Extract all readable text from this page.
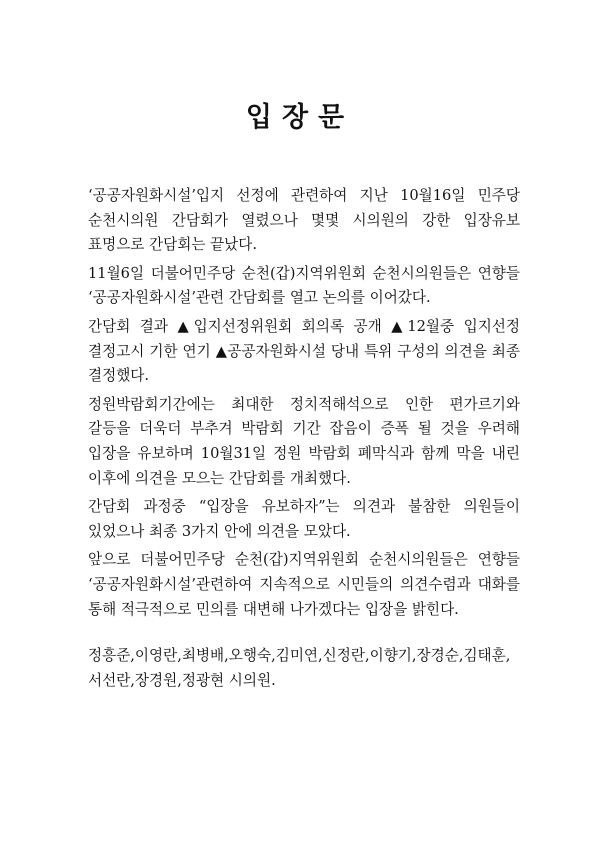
입장문

‘공공자원화시설’입지 선정에 관련하여 지난 10월16일 민주당 순천시의원 간담회가 열렸으나 몇몇 시의원의 강한 입장유보 표명으로 간담회는 끝났다.

11월6일 더불어민주당 순천(갑)지역위원회 순천시의원들은 연향들 ‘공공자원화시설’관련 간담회를 열고 논의를 이어갔다.

간담회 결과 ▲입지선정위원회 회의록 공개 ▲12월중 입지선정 결정고시 기한 연기 ▲공공자원화시설 당내 특위 구성의 의견을 최종 결정했다.

정원박람회기간에는 최대한 정치적해석으로 인한 편가르기와 갈등을 더욱더 부추겨 박람회 기간 잡음이 증폭 될 것을 우려해 입장을 유보하며 10월31일 정원 박람회 폐막식과 함께 막을 내린 이후에 의견을 모으는 간담회를 개최했다.

간담회 과정중 “입장을 유보하자”는 의견과 불참한 의원들이 있었으나 최종 3가지 안에 의견을 모았다.

앞으로 더불어민주당 순천(갑)지역위원회 순천시의원들은 연향들 ‘공공자원화시설’관련하여 지속적으로 시민들의 의견수렴과 대화를 통해 적극적으로 민의를 대변해 나가겠다는 입장을 밝힌다.

정흥준,이영란,최병배,오행숙,김미연,신정란,이향기,장경순,김태훈,서선란,장경원,정광현 시의원.
